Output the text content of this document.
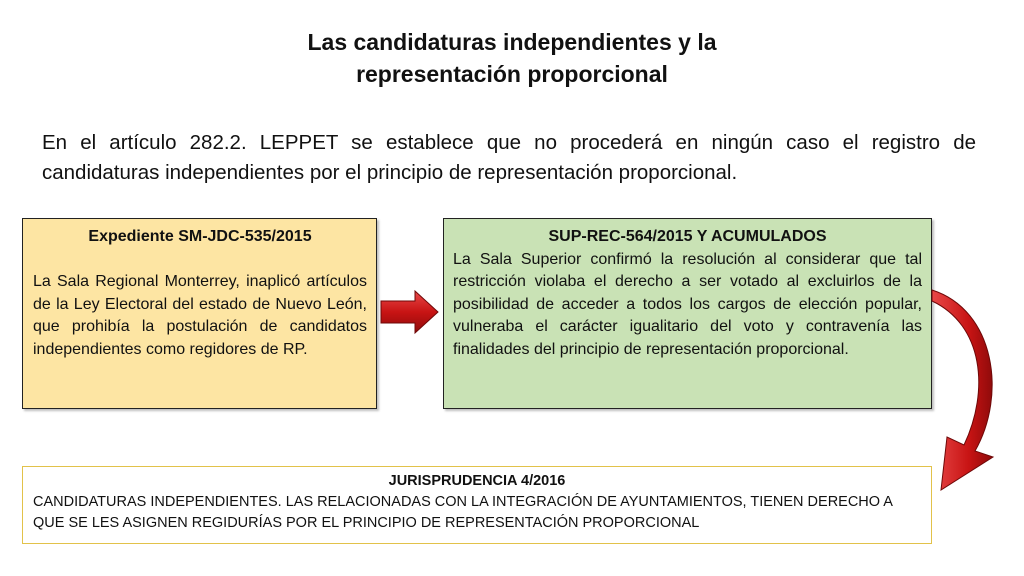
Las candidaturas independientes y la
representación proporcional
En el artículo 282.2. LEPPET se establece que no procederá en ningún caso el registro de candidaturas independientes por el principio de representación proporcional.
Expediente SM-JDC-535/2015
La Sala Regional Monterrey, inaplicó artículos de la Ley Electoral del estado de Nuevo León, que prohibía la postulación de candidatos independientes como regidores de RP.
SUP-REC-564/2015 Y ACUMULADOS
La Sala Superior confirmó la resolución al considerar que tal restricción violaba el derecho a ser votado al excluirlos de la posibilidad de acceder a todos los cargos de elección popular, vulneraba el carácter igualitario del voto y contravenía las finalidades del principio de representación proporcional.
JURISPRUDENCIA 4/2016
CANDIDATURAS INDEPENDIENTES. LAS RELACIONADAS CON LA INTEGRACIÓN DE AYUNTAMIENTOS, TIENEN DERECHO A QUE SE LES ASIGNEN REGIDURÍAS POR EL PRINCIPIO DE REPRESENTACIÓN PROPORCIONAL
